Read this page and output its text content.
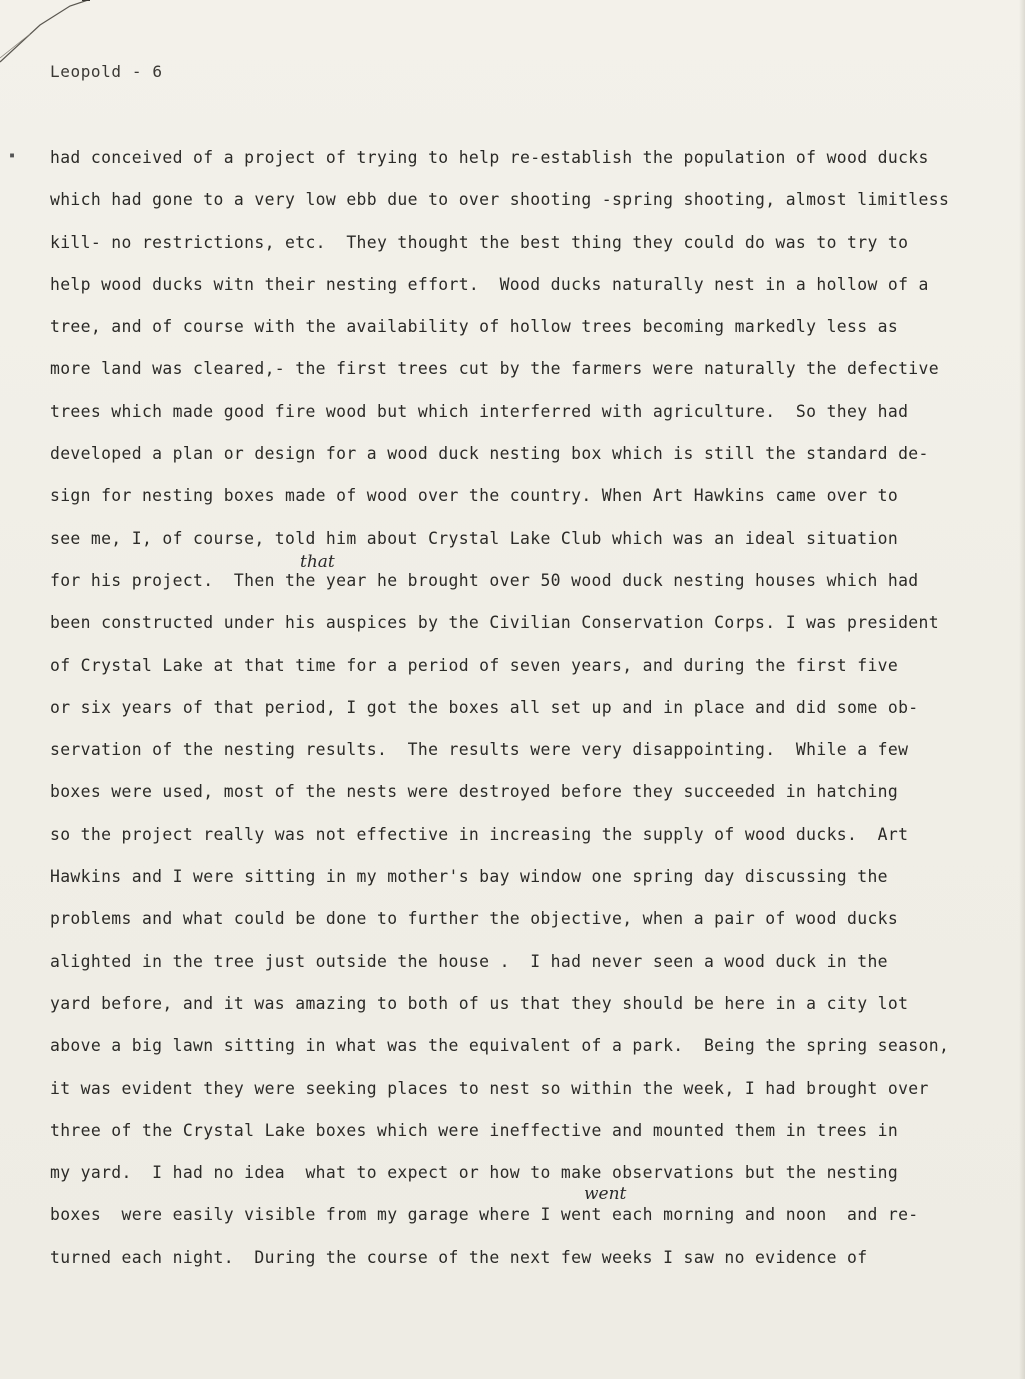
Leopold - 6
▪ had conceived of a project of trying to help re-establish the population of wood ducks
which had gone to a very low ebb due to over shooting -spring shooting, almost limitless
kill- no restrictions, etc.  They thought the best thing they could do was to try to
help wood ducks witn their nesting effort.  Wood ducks naturally nest in a hollow of a
tree, and of course with the availability of hollow trees becoming markedly less as
more land was cleared,- the first trees cut by the farmers were naturally the defective
trees which made good fire wood but which interferred with agriculture.  So they had
developed a plan or design for a wood duck nesting box which is still the standard de-
sign for nesting boxes made of wood over the country. When Art Hawkins came over to
see me, I, of course, told him about Crystal Lake Club which was an ideal situation
for his project.  Then the year he brought over 50 wood duck nesting houses which had
been constructed under his auspices by the Civilian Conservation Corps. I was president
of Crystal Lake at that time for a period of seven years, and during the first five
or six years of that period, I got the boxes all set up and in place and did some ob-
servation of the nesting results.  The results were very disappointing.  While a few
boxes were used, most of the nests were destroyed before they succeeded in hatching
so the project really was not effective in increasing the supply of wood ducks.  Art
Hawkins and I were sitting in my mother's bay window one spring day discussing the
problems and what could be done to further the objective, when a pair of wood ducks
alighted in the tree just outside the house .  I had never seen a wood duck in the
yard before, and it was amazing to both of us that they should be here in a city lot
above a big lawn sitting in what was the equivalent of a park.  Being the spring season,
it was evident they were seeking places to nest so within the week, I had brought over
three of the Crystal Lake boxes which were ineffective and mounted them in trees in
my yard.  I had no idea  what to expect or how to make observations but the nesting
boxes  were easily visible from my garage where I went each morning and noon  and re-
turned each night.  During the course of the next few weeks I saw no evidence of
that
went
